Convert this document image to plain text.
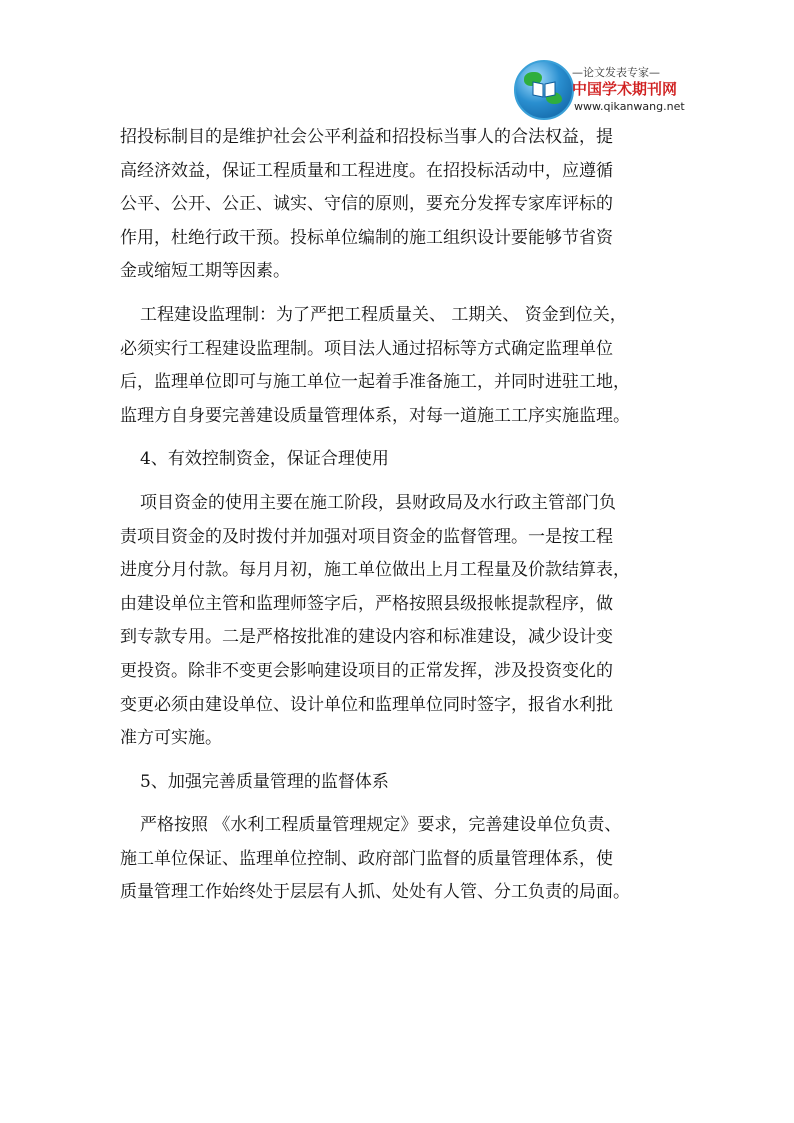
—论文发表专家—
中国学术期刊网
www.qikanwang.net
招投标制目的是维护社会公平利益和招投标当事人的合法权益，提
高经济效益，保证工程质量和工程进度。在招投标活动中，应遵循
公平、公开、公正、诚实、守信的原则，要充分发挥专家库评标的
作用，杜绝行政干预。投标单位编制的施工组织设计要能够节省资
金或缩短工期等因素。
工程建设监理制：为了严把工程质量关、 工期关、 资金到位关，
必须实行工程建设监理制。项目法人通过招标等方式确定监理单位
后，监理单位即可与施工单位一起着手准备施工，并同时进驻工地，
监理方自身要完善建设质量管理体系，对每一道施工工序实施监理。
4、有效控制资金，保证合理使用
项目资金的使用主要在施工阶段，县财政局及水行政主管部门负
责项目资金的及时拨付并加强对项目资金的监督管理。一是按工程
进度分月付款。每月月初，施工单位做出上月工程量及价款结算表，
由建设单位主管和监理师签字后，严格按照县级报帐提款程序，做
到专款专用。二是严格按批准的建设内容和标准建设，减少设计变
更投资。除非不变更会影响建设项目的正常发挥，涉及投资变化的
变更必须由建设单位、设计单位和监理单位同时签字，报省水利批
准方可实施。
5、加强完善质量管理的监督体系
严格按照 《水利工程质量管理规定》要求，完善建设单位负责、
施工单位保证、监理单位控制、政府部门监督的质量管理体系，使
质量管理工作始终处于层层有人抓、处处有人管、分工负责的局面。
